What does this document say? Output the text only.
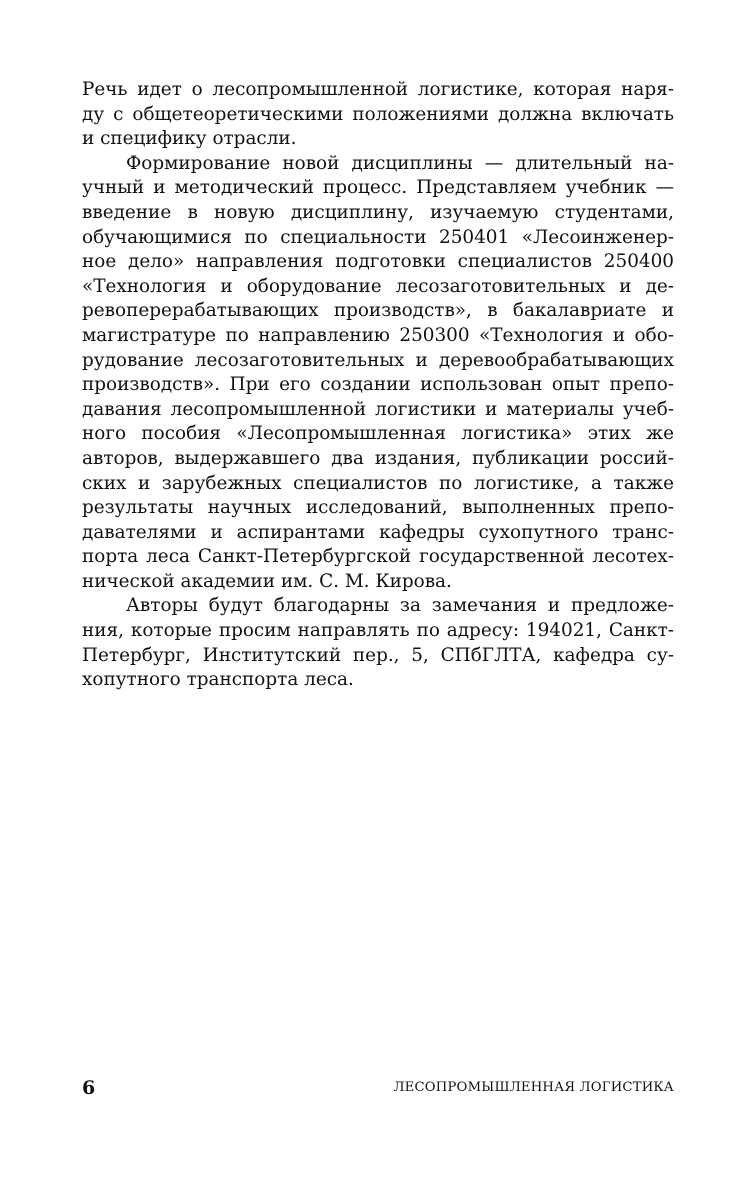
Речь идет о лесопромышленной логистике, которая наря-
ду с общетеоретическими положениями должна включать
и специфику отрасли.
Формирование новой дисциплины — длительный на-
учный и методический процесс. Представляем учебник —
введение в новую дисциплину, изучаемую студентами,
обучающимися по специальности 250401 «Лесоинженер-
ное дело» направления подготовки специалистов 250400
«Технология и оборудование лесозаготовительных и де-
ревоперерабатывающих производств», в бакалавриате и
магистратуре по направлению 250300 «Технология и обо-
рудование лесозаготовительных и деревообрабатывающих
производств». При его создании использован опыт препо-
давания лесопромышленной логистики и материалы учеб-
ного пособия «Лесопромышленная логистика» этих же
авторов, выдержавшего два издания, публикации россий-
ских и зарубежных специалистов по логистике, а также
результаты научных исследований, выполненных препо-
давателями и аспирантами кафедры сухопутного транс-
порта леса Санкт-Петербургской государственной лесотех-
нической академии им. С. М. Кирова.
Авторы будут благодарны за замечания и предложе-
ния, которые просим направлять по адресу: 194021, Санкт-
Петербург, Институтский пер., 5, СПбГЛТА, кафедра су-
хопутного транспорта леса.
6	ЛЕСОПРОМЫШЛЕННАЯ ЛОГИСТИКА
